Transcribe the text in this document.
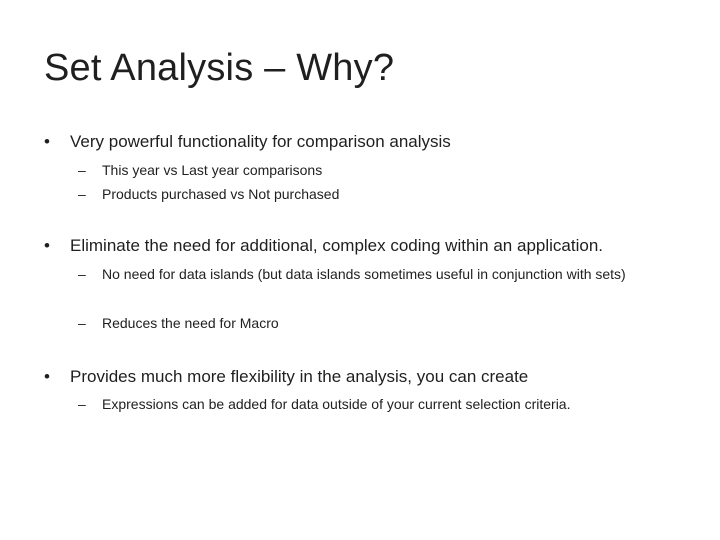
Set Analysis – Why?
•	Very powerful functionality for comparison analysis
–	This year vs Last year comparisons
–	Products purchased vs Not purchased
•	Eliminate the need for additional, complex coding within an application.
–	No need for data islands (but data islands sometimes useful in conjunction with sets)
–	Reduces the need for Macro
•	Provides much more flexibility in the analysis, you can create
–	Expressions can be added for data outside of your current selection criteria.
